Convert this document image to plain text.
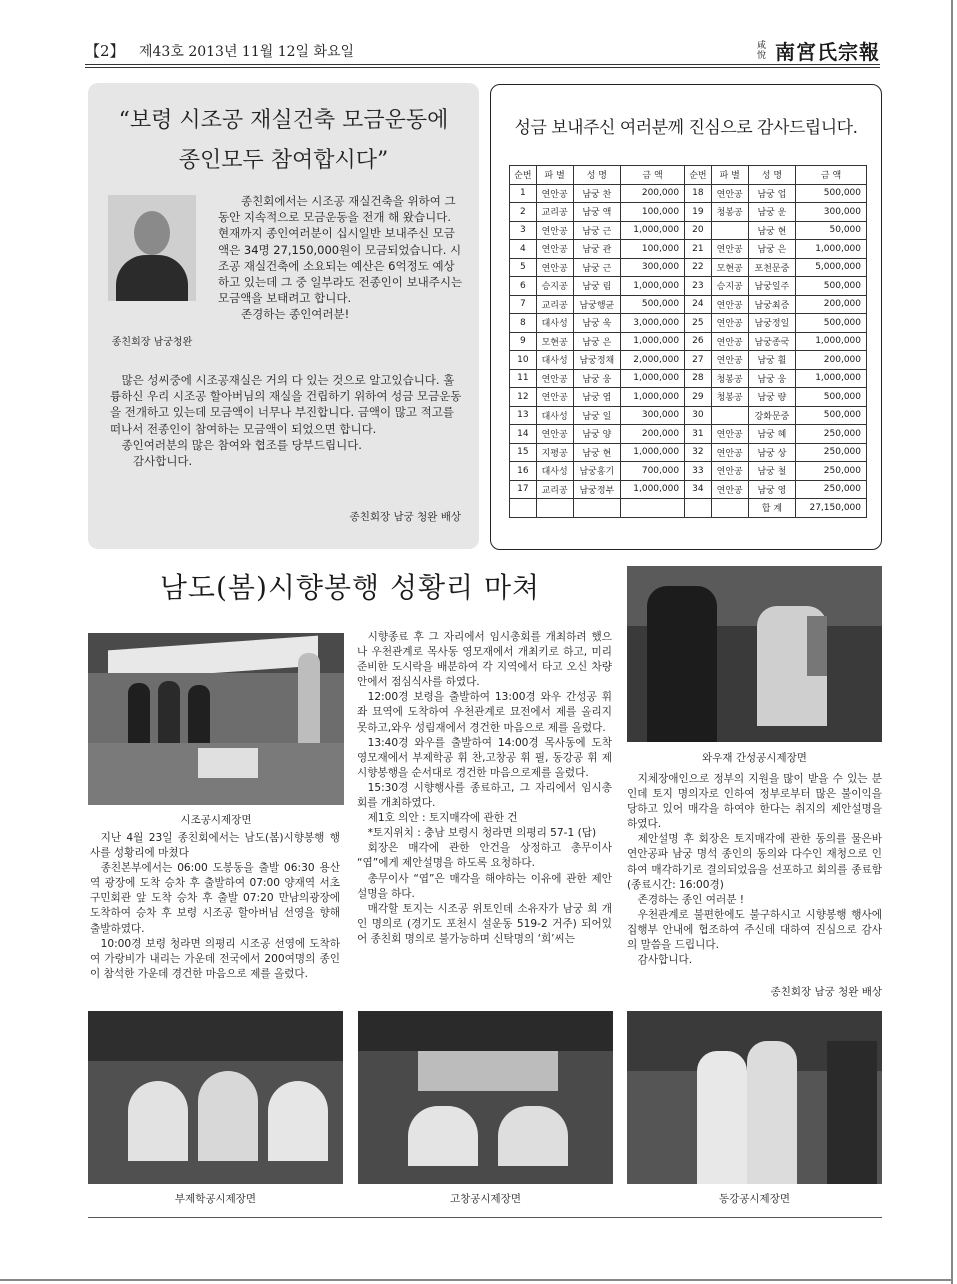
【2】 제43호 2013년 11월 12일 화요일	咸悅 南宮氏宗報
“보령 시조공 재실건축 모금운동에
종인모두 참여합시다”
종친회장 남궁청완

종친회에서는 시조공 재실건축을 위하여 그동안 지속적으로 모금운동을 전개 해 왔습니다. 현재까지 종인여러분이 십시일반 보내주신 모금액은 34명 27,150,000원이 모금되었습니다. 시조공 재실건축에 소요되는 예산은 6억정도 예상하고 있는데 그 중 일부라도 전종인이 보내주시는 모금액을 보태려고 합니다.

존경하는 종인여러분!

많은 성씨중에 시조공재실은 거의 다 있는 것으로 알고있습니다. 훌륭하신 우리 시조공 할아버님의 재실을 건립하기 위하여 성금 모금운동을 전개하고 있는데 모금액이 너무나 부진합니다. 금액이 많고 적고를 떠나서 전종인이 참여하는 모금액이 되었으면 합니다.

종인여러분의 많은 참여와 협조를 당부드립니다.

감사합니다.

종친회장 남궁 청완 배상
성금 보내주신 여러분께 진심으로 감사드립니다.
순번	파 별	성 명	금 액	순번	파 별	성 명	금 액
1	연안공	남궁 찬	200,000	18	연안공	남궁 업	500,000
2	교리공	남궁 액	100,000	19	청봉공	남궁 운	300,000
3	연안공	남궁 근	1,000,000	20		남궁 현	50,000
4	연안공	남궁 관	100,000	21	연안공	남궁 은	1,000,000
5	연안공	남궁 근	300,000	22	모현공	포천문중	5,000,000
6	승지공	남궁 림	1,000,000	23	승지공	남궁일주	500,000
7	교리공	남궁행균	500,000	24	연안공	남궁최증	200,000
8	대사성	남궁 욱	3,000,000	25	연안공	남궁정일	500,000
9	모현공	남궁 은	1,000,000	26	연안공	남궁종국	1,000,000
10	대사성	남궁정채	2,000,000	27	연안공	남궁 휠	200,000
11	연안공	남궁 웅	1,000,000	28	청봉공	남궁 웅	1,000,000
12	연안공	남궁 엽	1,000,000	29	청봉공	남궁 량	500,000
13	대사성	남궁 일	300,000	30		강화문중	500,000
14	연안공	남궁 양	200,000	31	연안공	남궁 혜	250,000
15	지평공	남궁 현	1,000,000	32	연안공	남궁 상	250,000
16	대사성	남궁홍기	700,000	33	연안공	남궁 철	250,000
17	교리공	남궁정부	1,000,000	34	연안공	남궁 영	250,000
						합 계	27,150,000
남도(봄)시향봉행 성황리 마쳐
시조공시제장면
와우재 간성공시제장면

지난 4월 23일 종친회에서는 남도(봄)시향봉행 행사를 성황리에 마쳤다

종친본부에서는 06:00 도봉동을 출발 06:30 용산역 광장에 도착 승차 후 출발하여 07:00 양재역 서초구민회관 앞 도착 승차 후 출발 07:20 만남의광장에 도착하여 승차 후 보령 시조공 할아버님 선영을 향해 출발하였다.

10:00경 보령 청라면 의평리 시조공 선영에 도착하여 가랑비가 내리는 가운데 전국에서 200여명의 종인이 참석한 가운데 경건한 마음으로 제를 올렸다.

시향종료 후 그 자리에서 임시총회를 개최하려 했으나 우천관계로 목사동 영모재에서 개최키로 하고, 미리 준비한 도시락을 배분하여 각 지역에서 타고 오신 차량안에서 점심식사를 하였다.

12:00경 보령을 출발하여 13:00경 와우 간성공 휘 좌 묘역에 도착하여 우천관계로 묘전에서 제를 올리지 못하고,와우 성림재에서 경건한 마음으로 제를 올렸다.

13:40경 와우를 출발하여 14:00경 목사동에 도착 영모재에서 부제학공 휘 찬,고창공 휘 필, 동강공 휘 제 시향봉행을 순서대로 경건한 마음으로제를 올렸다.

15:30경 시향행사를 종료하고, 그 자리에서 임시총회를 개최하였다.

제1호 의안 : 토지매각에 관한 건

*토지위치 : 충남 보령시 청라면 의평리 57-1 (답)

회장은 매각에 관한 안건을 상정하고 총무이사 “엽”에게 제안설명을 하도록 요청하다.

총무이사 “엽”은 매각을 해야하는 이유에 관한 제안설명을 하다.

매각할 토지는 시조공 위토인데 소유자가 남궁 희 개인 명의로 (경기도 포천시 설운동 519-2 거주) 되어있어 종친회 명의로 불가능하며 신탁명의 ‘희’씨는

지체장애인으로 정부의 지원을 많이 받을 수 있는 분인데 토지 명의자로 인하여 정부로부터 많은 불이익을 당하고 있어 매각을 하여야 한다는 취지의 제안설명을 하였다.

제안설명 후 회장은 토지매각에 관한 동의를 물은바 연안공파 남궁 명석 종인의 동의와 다수인 재청으로 인하여 매각하기로 결의되었음을 선포하고 회의를 종료함 (종료시간: 16:00경)

존경하는 종인 여러분 !

우천관계로 불편한에도 불구하시고 시향봉행 행사에 집행부 안내에 협조하여 주신데 대하여 진심으로 감사의 말씀을 드립니다.

감사합니다.

종친회장 남궁 청완 배상
부제학공시제장면	고창공시제장면	동강공시제장면
